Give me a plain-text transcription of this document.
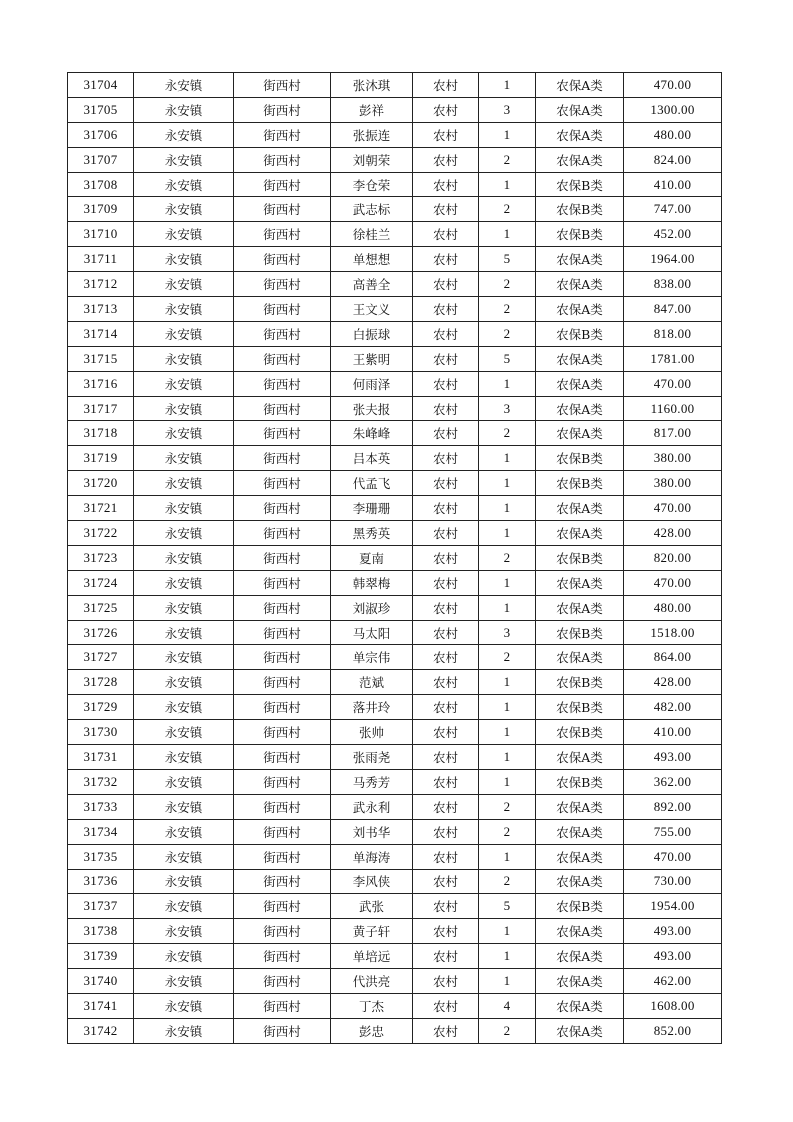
31704	永安镇	街西村	张沐琪	农村	1	农保A类	470.00
31705	永安镇	街西村	彭祥	农村	3	农保A类	1300.00
31706	永安镇	街西村	张振连	农村	1	农保A类	480.00
31707	永安镇	街西村	刘朝荣	农村	2	农保A类	824.00
31708	永安镇	街西村	李仓荣	农村	1	农保B类	410.00
31709	永安镇	街西村	武志标	农村	2	农保B类	747.00
31710	永安镇	街西村	徐桂兰	农村	1	农保B类	452.00
31711	永安镇	街西村	单想想	农村	5	农保A类	1964.00
31712	永安镇	街西村	高善全	农村	2	农保A类	838.00
31713	永安镇	街西村	王文义	农村	2	农保A类	847.00
31714	永安镇	街西村	白振球	农村	2	农保B类	818.00
31715	永安镇	街西村	王紫明	农村	5	农保A类	1781.00
31716	永安镇	街西村	何雨泽	农村	1	农保A类	470.00
31717	永安镇	街西村	张夫报	农村	3	农保A类	1160.00
31718	永安镇	街西村	朱峰峰	农村	2	农保A类	817.00
31719	永安镇	街西村	吕本英	农村	1	农保B类	380.00
31720	永安镇	街西村	代孟飞	农村	1	农保B类	380.00
31721	永安镇	街西村	李珊珊	农村	1	农保A类	470.00
31722	永安镇	街西村	黑秀英	农村	1	农保A类	428.00
31723	永安镇	街西村	夏南	农村	2	农保B类	820.00
31724	永安镇	街西村	韩翠梅	农村	1	农保A类	470.00
31725	永安镇	街西村	刘淑珍	农村	1	农保A类	480.00
31726	永安镇	街西村	马太阳	农村	3	农保B类	1518.00
31727	永安镇	街西村	单宗伟	农村	2	农保A类	864.00
31728	永安镇	街西村	范斌	农村	1	农保B类	428.00
31729	永安镇	街西村	落井玲	农村	1	农保B类	482.00
31730	永安镇	街西村	张帅	农村	1	农保B类	410.00
31731	永安镇	街西村	张雨尧	农村	1	农保A类	493.00
31732	永安镇	街西村	马秀芳	农村	1	农保B类	362.00
31733	永安镇	街西村	武永利	农村	2	农保A类	892.00
31734	永安镇	街西村	刘书华	农村	2	农保A类	755.00
31735	永安镇	街西村	单海涛	农村	1	农保A类	470.00
31736	永安镇	街西村	李风侠	农村	2	农保A类	730.00
31737	永安镇	街西村	武张	农村	5	农保B类	1954.00
31738	永安镇	街西村	黄子轩	农村	1	农保A类	493.00
31739	永安镇	街西村	单培远	农村	1	农保A类	493.00
31740	永安镇	街西村	代洪亮	农村	1	农保A类	462.00
31741	永安镇	街西村	丁杰	农村	4	农保A类	1608.00
31742	永安镇	街西村	彭忠	农村	2	农保A类	852.00
